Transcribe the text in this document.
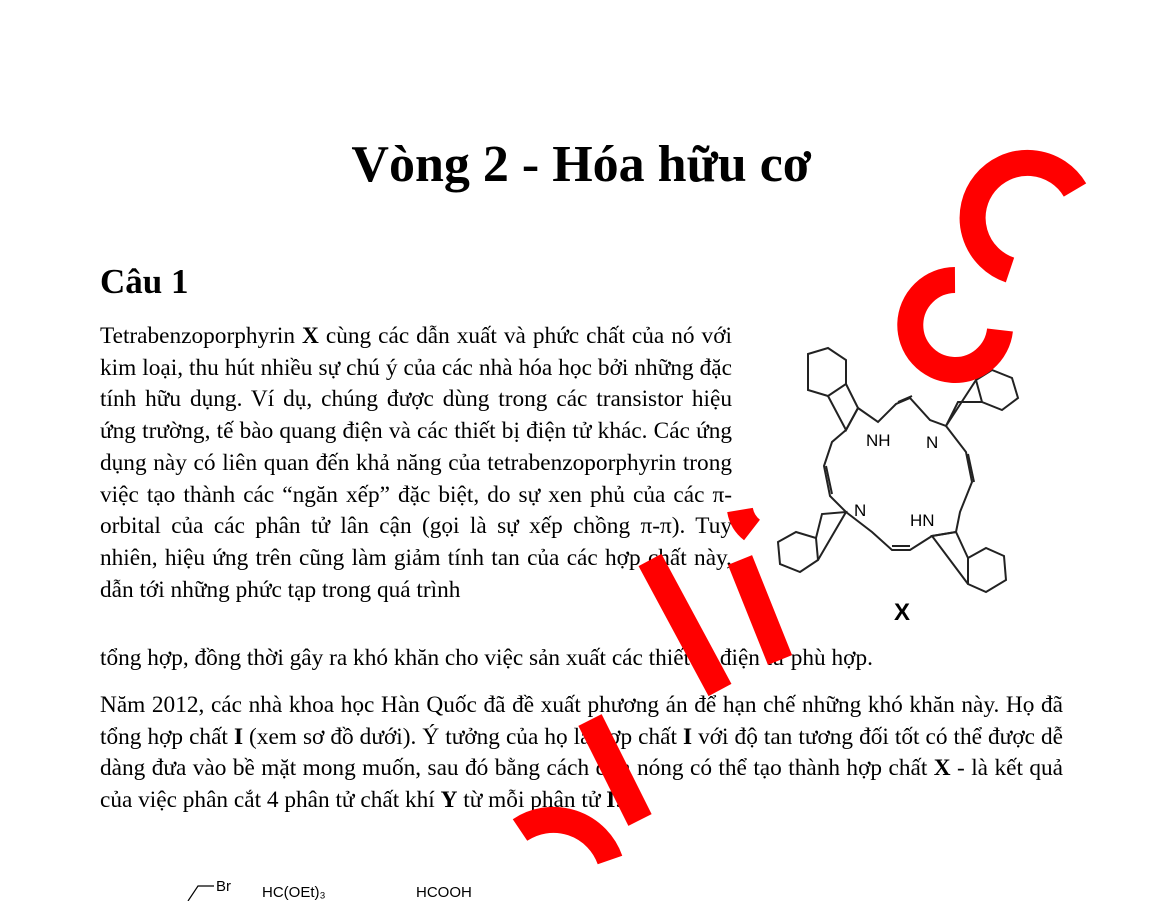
Vòng 2 - Hóa hữu cơ
Câu 1
Tetrabenzoporphyrin X cùng các dẫn xuất và phức chất của nó với kim loại, thu hút nhiều sự chú ý của các nhà hóa học bởi những đặc tính hữu dụng. Ví dụ, chúng được dùng trong các transistor hiệu ứng trường, tế bào quang điện và các thiết bị điện tử khác. Các ứng dụng này có liên quan đến khả năng của tetrabenzoporphyrin trong việc tạo thành các “ngăn xếp” đặc biệt, do sự xen phủ của các π-orbital của các phân tử lân cận (gọi là sự xếp chồng π-π). Tuy nhiên, hiệu ứng trên cũng làm giảm tính tan của các hợp chất này, dẫn tới những phức tạp trong quá trình
tổng hợp, đồng thời gây ra khó khăn cho việc sản xuất các thiết bị điện tử phù hợp.
Năm 2012, các nhà khoa học Hàn Quốc đã đề xuất phương án để hạn chế những khó khăn này. Họ đã tổng hợp chất I (xem sơ đồ dưới). Ý tưởng của họ là hợp chất I với độ tan tương đối tốt có thể được dễ dàng đưa vào bề mặt mong muốn, sau đó bằng cách đun nóng có thể tạo thành hợp chất X - là kết quả của việc phân cắt 4 phân tử chất khí Y từ mỗi phân tử I.
NH N
N
HN
X
Br HC(OEt)₃	HCOOH
